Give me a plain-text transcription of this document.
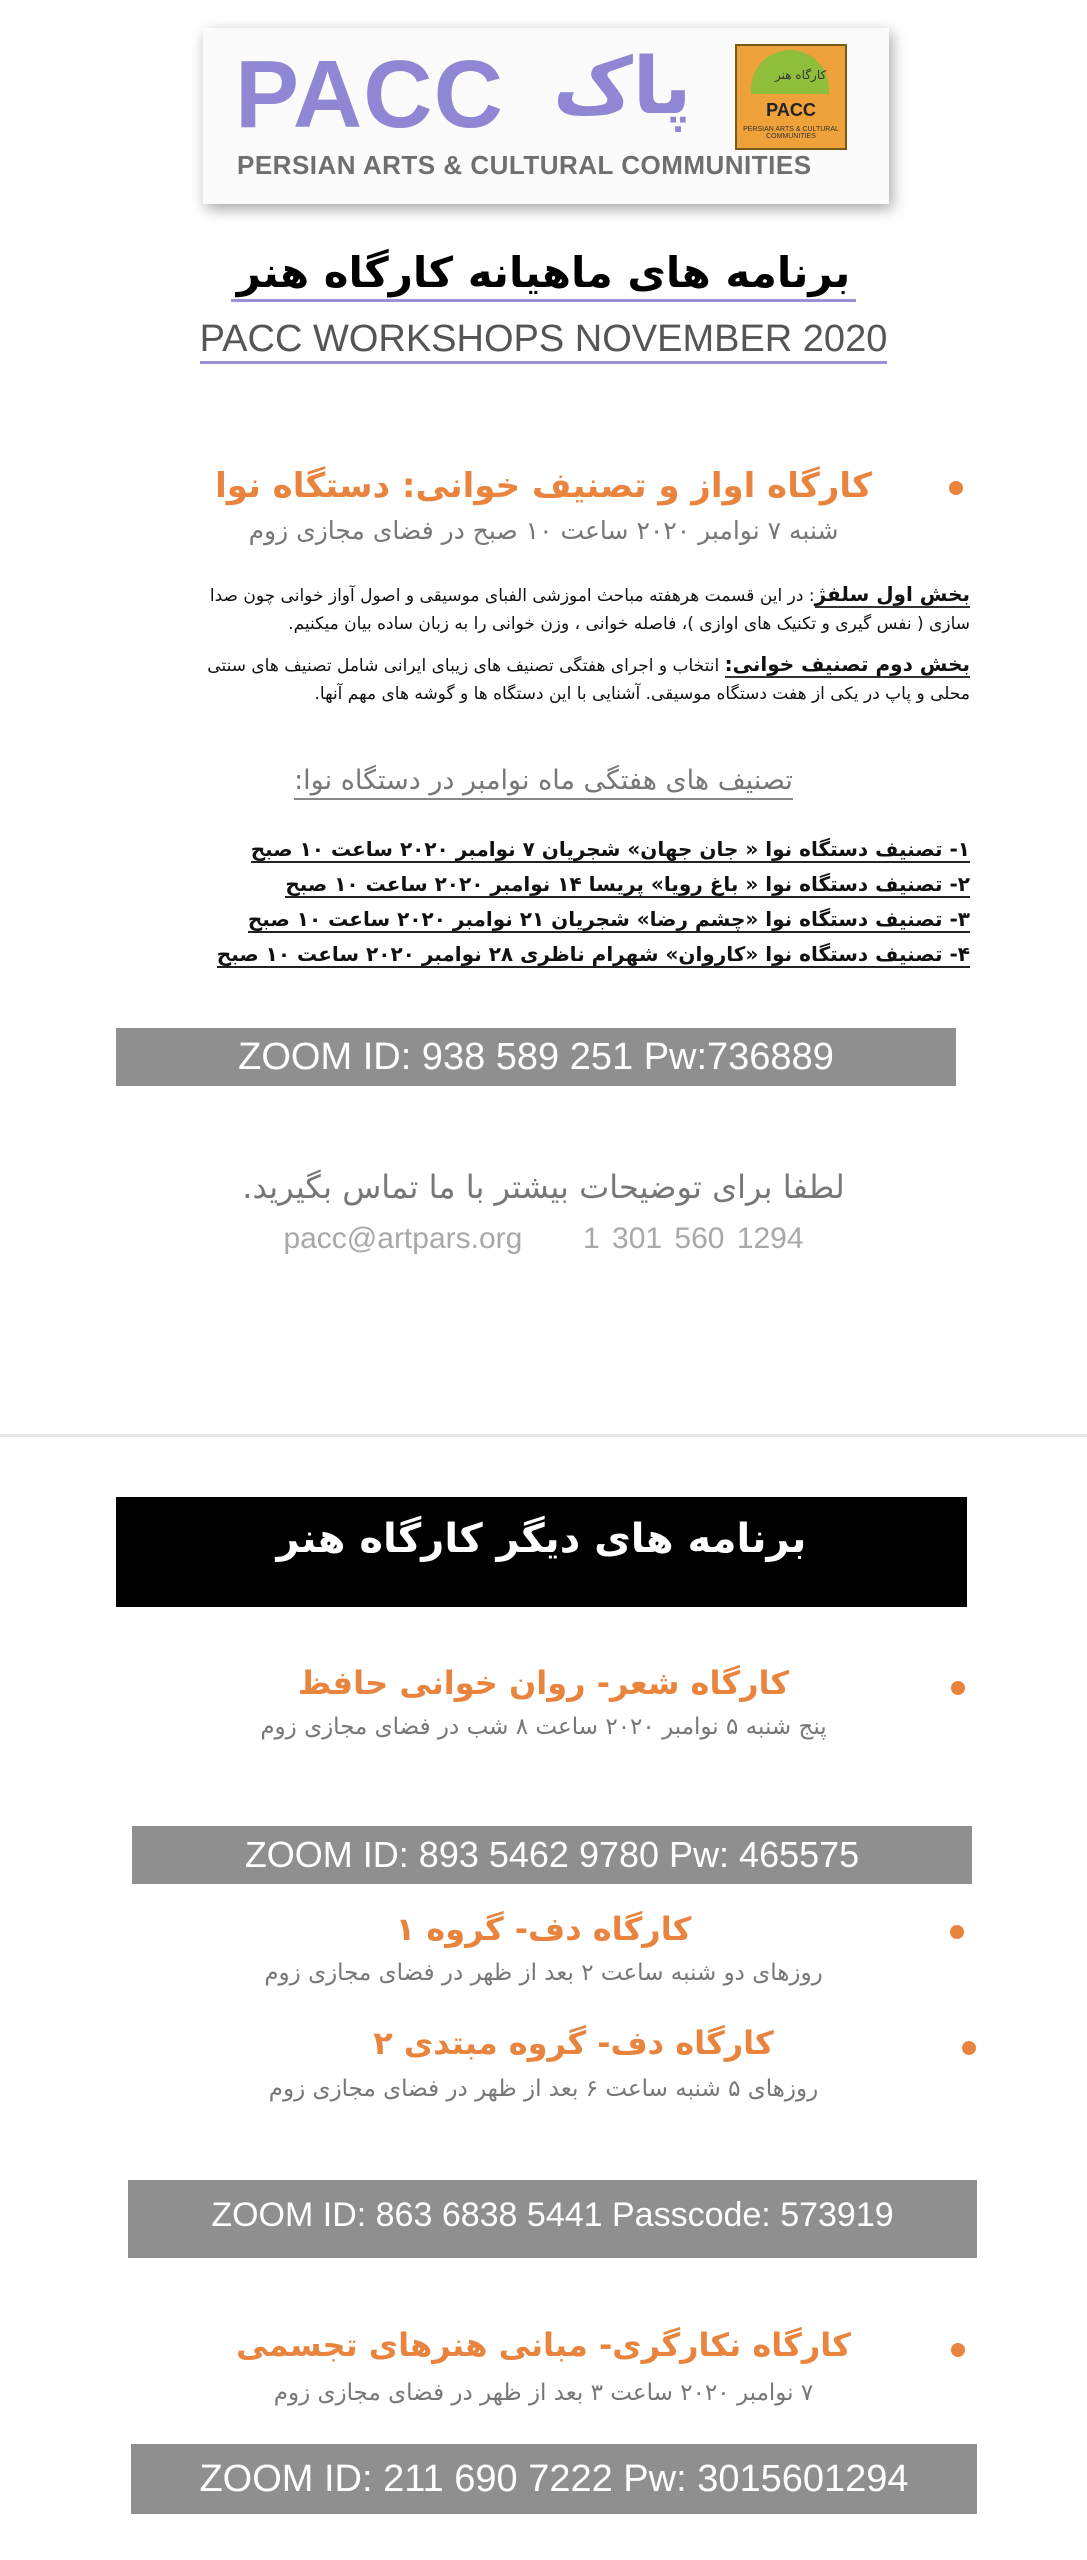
PACC پاک	کارگاه هنر
PACC
PERSIAN ARTS & CULTURAL COMMUNITIES
PERSIAN ARTS & CULTURAL COMMUNITIES
برنامه های ماهیانه کارگاه هنر
PACC WORKSHOPS NOVEMBER 2020
کارگاه اواز و تصنیف خوانی: دستگاه نوا
شنبه ۷ نوامبر ۲۰۲۰ ساعت ۱۰ صبح در فضای مجازی زوم
بخش اول سلفژ: در این قسمت هرهفته مباحث اموزشی الفبای موسیقی و اصول آواز خوانی چون صدا
سازی ( نفس گیری و تکنیک های اوازی )، فاصله خوانی ، وزن خوانی را به زبان ساده بیان میکنیم.
بخش دوم تصنیف خوانی: انتخاب و اجرای هفتگی تصنیف های زیبای ایرانی شامل تصنیف های سنتی
محلی و پاپ در یکی از هفت دستگاه موسیقی. آشنایی با این دستگاه ها و گوشه های مهم آنها.
تصنیف های هفتگی ماه نوامبر در دستگاه نوا:
۱- تصنیف دستگاه نوا « جان جهان» شجریان ۷ نوامبر ۲۰۲۰ ساعت ۱۰ صبح
۲- تصنیف دستگاه نوا « باغ رویا» پریسا ۱۴ نوامبر ۲۰۲۰ ساعت ۱۰ صبح
۳- تصنیف دستگاه نوا «چشم رضا» شجریان ۲۱ نوامبر ۲۰۲۰ ساعت ۱۰ صبح
۴- تصنیف دستگاه نوا «کاروان» شهرام ناظری ۲۸ نوامبر ۲۰۲۰ ساعت ۱۰ صبح
ZOOM ID: 938 589 251 Pw:736889
لطفا برای توضیحات بیشتر با ما تماس بگیرید.
pacc@artpars.org 1 301 560 1294
برنامه های دیگر کارگاه هنر
کارگاه شعر- روان خوانی حافظ
پنج شنبه ۵ نوامبر ۲۰۲۰ ساعت ۸ شب در فضای مجازی زوم
ZOOM ID: 893 5462 9780 Pw: 465575
کارگاه دف- گروه ۱
روزهای دو شنبه ساعت ۲ بعد از ظهر در فضای مجازی زوم
کارگاه دف- گروه مبتدی ۲
روزهای ۵ شنبه ساعت ۶ بعد از ظهر در فضای مجازی زوم
ZOOM ID: 863 6838 5441 Passcode: 573919
کارگاه نکارگری- مبانی هنرهای تجسمی
۷ نوامبر ۲۰۲۰ ساعت ۳ بعد از ظهر در فضای مجازی زوم
ZOOM ID: 211 690 7222 Pw: 3015601294
